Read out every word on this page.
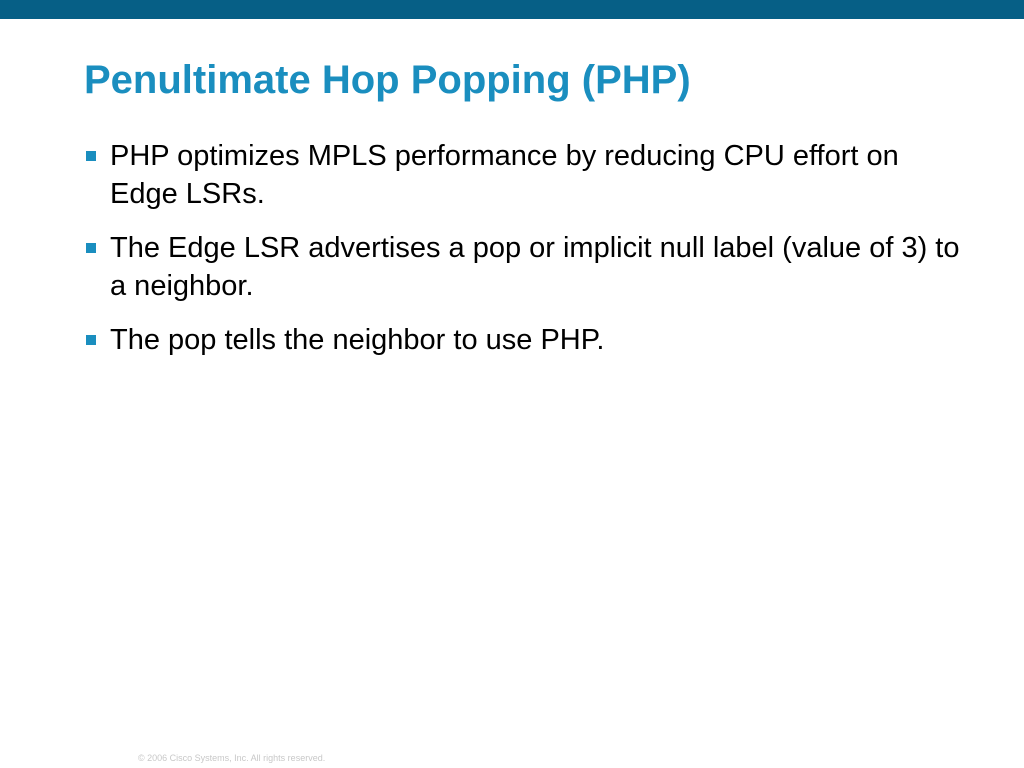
Penultimate Hop Popping (PHP)
PHP optimizes MPLS performance by reducing CPU effort on Edge LSRs.
The Edge LSR advertises a pop or implicit null label (value of 3) to a neighbor.
The pop tells the neighbor to use PHP.
© 2006 Cisco Systems, Inc. All rights reserved.
